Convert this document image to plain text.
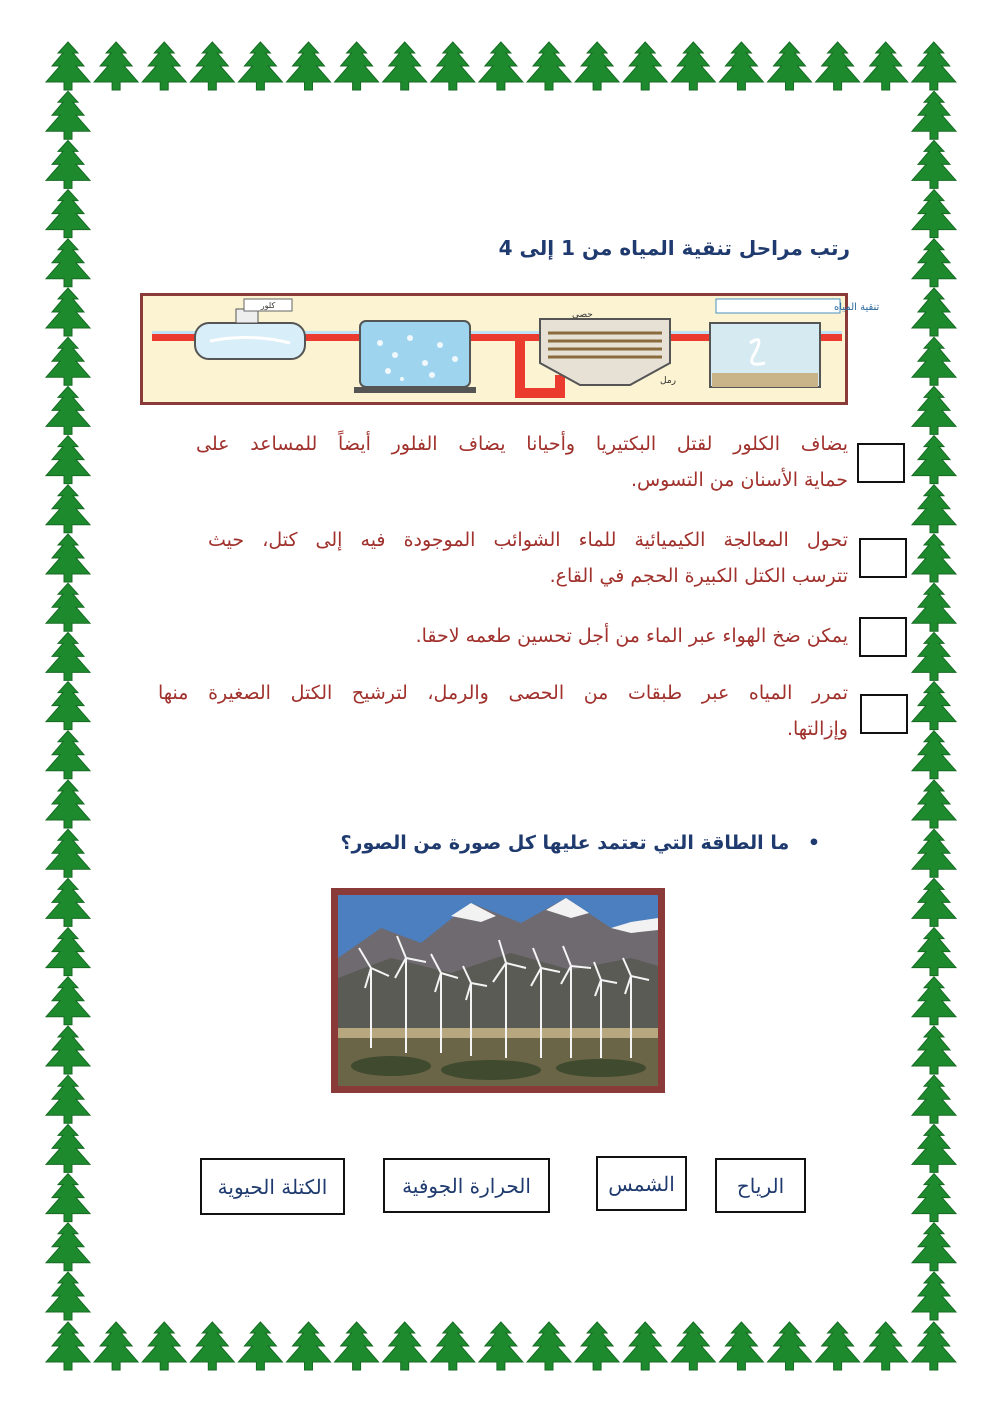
رتب مراحل تنقية المياه من 1 إلى 4
كلور
حصى
رمل
تنقية المياه
يضاف الكلور لقتل البكتيريا وأحيانا يضاف الفلور أيضاً للمساعد على
حماية الأسنان من التسوس.
تحول المعالجة الكيميائية للماء الشوائب الموجودة فيه إلى كتل، حيث
تترسب الكتل الكبيرة الحجم في القاع.
يمكن ضخ الهواء عبر الماء من أجل تحسين طعمه لاحقا.
تمرر المياه عبر طبقات من الحصى والرمل، لترشيح الكتل الصغيرة منها
وإزالتها.
• ما الطاقة التي تعتمد عليها كل صورة من الصور؟
الرياح
الشمس
الحرارة الجوفية
الكتلة الحيوية
